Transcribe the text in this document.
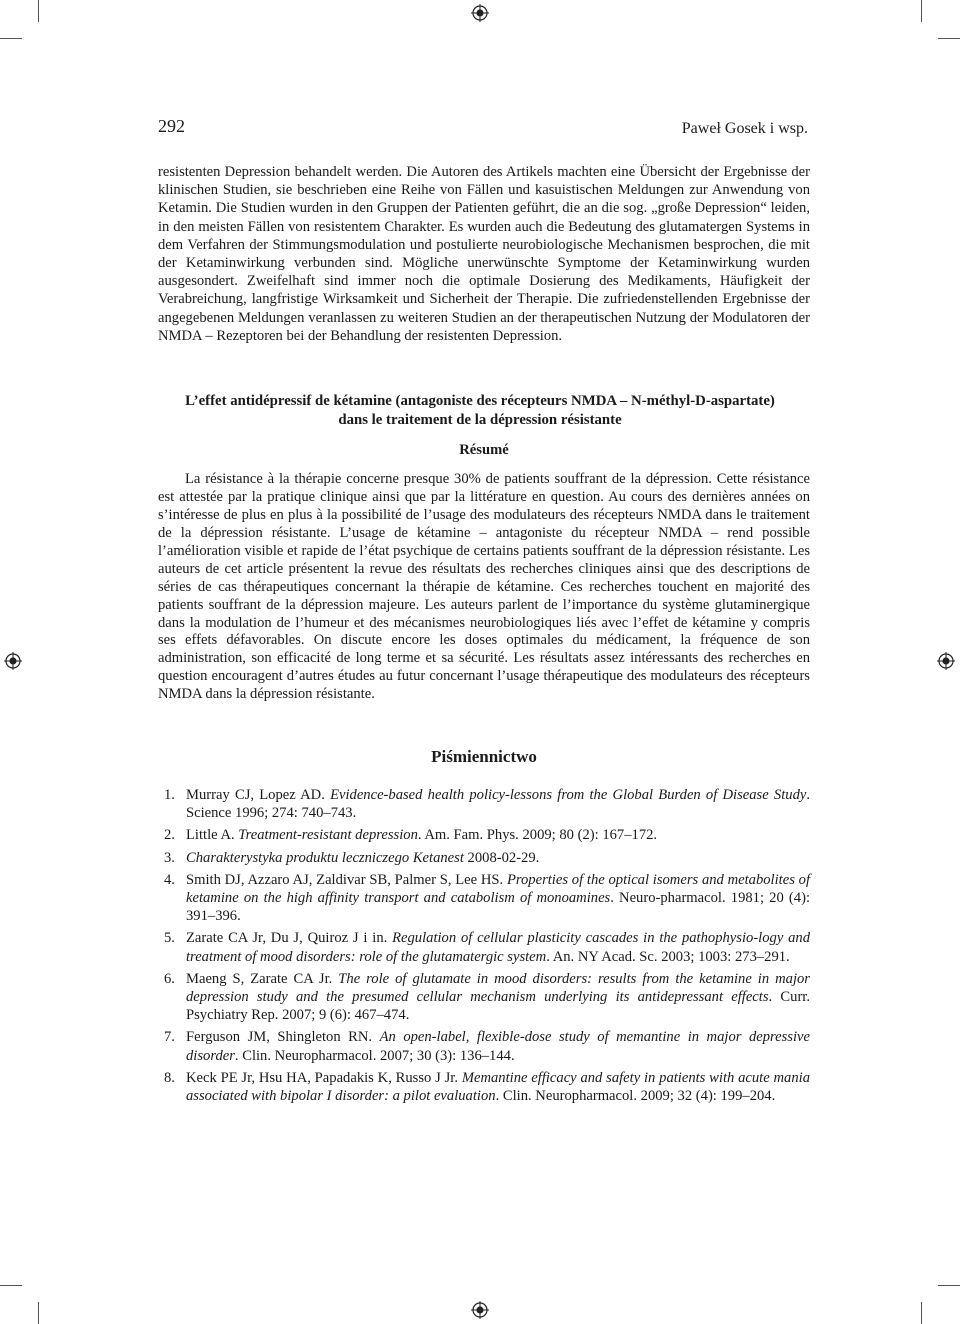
292	Paweł Gosek i wsp.

resistenten Depression behandelt werden. Die Autoren des Artikels machten eine Übersicht der Ergebnisse der klinischen Studien, sie beschrieben eine Reihe von Fällen und kasuistischen Meldungen zur Anwendung von Ketamin. Die Studien wurden in den Gruppen der Patienten geführt, die an die sog. „große Depression“ leiden, in den meisten Fällen von resistentem Charakter. Es wurden auch die Bedeutung des glutamatergen Systems in dem Verfahren der Stimmungsmodulation und postulierte neurobiologische Mechanismen besprochen, die mit der Ketaminwirkung verbunden sind. Mögliche unerwünschte Symptome der Ketaminwirkung wurden ausgesondert. Zweifelhaft sind immer noch die optimale Dosierung des Medikaments, Häufigkeit der Verabreichung, langfristige Wirksamkeit und Sicherheit der Therapie. Die zufriedenstellenden Ergebnisse der angegebenen Meldungen veranlassen zu weiteren Studien an der therapeutischen Nutzung der Modulatoren der NMDA – Rezeptoren bei der Behandlung der resistenten Depression.

L’effet antidépressif de kétamine (antagoniste des récepteurs NMDA – N-méthyl-D-aspartate)
dans le traitement de la dépression résistante
Résumé

La résistance à la thérapie concerne presque 30% de patients souffrant de la dépression. Cette résistance est attestée par la pratique clinique ainsi que par la littérature en question. Au cours des dernières années on s’intéresse de plus en plus à la possibilité de l’usage des modulateurs des récepteurs NMDA dans le traitement de la dépression résistante. L’usage de kétamine – antagoniste du récepteur NMDA – rend possible l’amélioration visible et rapide de l’état psychique de certains patients souffrant de la dépression résistante. Les auteurs de cet article présentent la revue des résultats des recherches cliniques ainsi que des descriptions de séries de cas thérapeutiques concernant la thérapie de kétamine. Ces recherches touchent en majorité des patients souffrant de la dépression majeure. Les auteurs parlent de l’importance du système glutaminergique dans la modulation de l’humeur et des mécanismes neurobiologiques liés avec l’effet de kétamine y compris ses effets défavorables. On discute encore les doses optimales du médicament, la fréquence de son administration, son efficacité de long terme et sa sécurité. Les résultats assez intéressants des recherches en question encouragent d’autres études au futur concernant l’usage thérapeutique des modulateurs des récepteurs NMDA dans la dépression résistante.

Piśmiennictwo
1. Murray CJ, Lopez AD. Evidence-based health policy-lessons from the Global Burden of Disease Study. Science 1996; 274: 740–743.
2. Little A. Treatment-resistant depression. Am. Fam. Phys. 2009; 80 (2): 167–172.
3. Charakterystyka produktu leczniczego Ketanest 2008-02-29.
4. Smith DJ, Azzaro AJ, Zaldivar SB, Palmer S, Lee HS. Properties of the optical isomers and metabolites of ketamine on the high affinity transport and catabolism of monoamines. Neuro-pharmacol. 1981; 20 (4): 391–396.
5. Zarate CA Jr, Du J, Quiroz J i in. Regulation of cellular plasticity cascades in the pathophysio-logy and treatment of mood disorders: role of the glutamatergic system. An. NY Acad. Sc. 2003; 1003: 273–291.
6. Maeng S, Zarate CA Jr. The role of glutamate in mood disorders: results from the ketamine in major depression study and the presumed cellular mechanism underlying its antidepressant effects. Curr. Psychiatry Rep. 2007; 9 (6): 467–474.
7. Ferguson JM, Shingleton RN. An open-label, flexible-dose study of memantine in major depressive disorder. Clin. Neuropharmacol. 2007; 30 (3): 136–144.
8. Keck PE Jr, Hsu HA, Papadakis K, Russo J Jr. Memantine efficacy and safety in patients with acute mania associated with bipolar I disorder: a pilot evaluation. Clin. Neuropharmacol. 2009; 32 (4): 199–204.
